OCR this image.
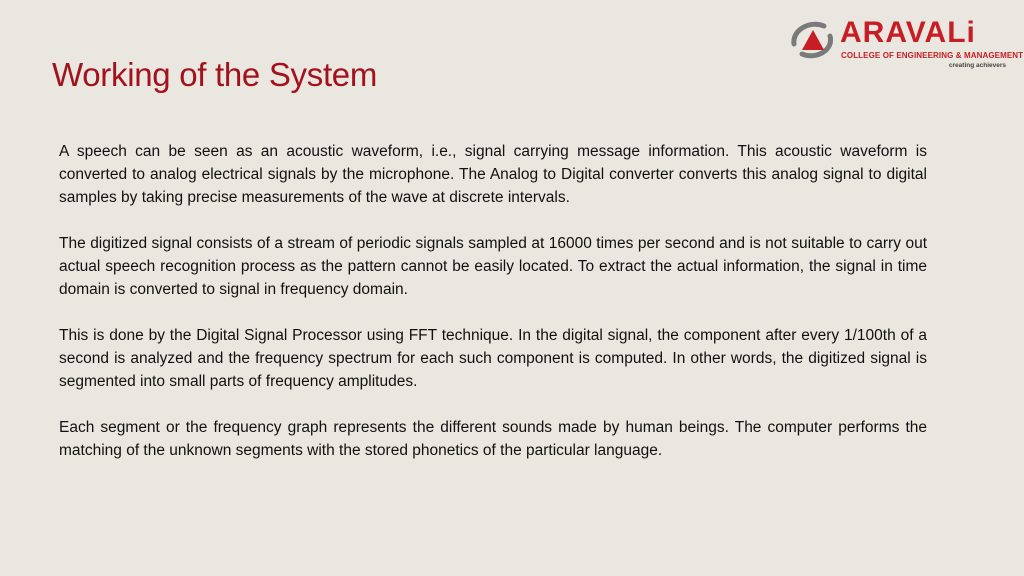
Working of the System
ARAVALi
COLLEGE OF ENGINEERING & MANAGEMENT
creating achievers

A speech can be seen as an acoustic waveform, i.e., signal carrying message information. This acoustic waveform is converted to analog electrical signals by the microphone. The Analog to Digital converter converts this analog signal to digital samples by taking precise measurements of the wave at discrete intervals.

The digitized signal consists of a stream of periodic signals sampled at 16000 times per second and is not suitable to carry out actual speech recognition process as the pattern cannot be easily located. To extract the actual information, the signal in time domain is converted to signal in frequency domain.

This is done by the Digital Signal Processor using FFT technique. In the digital signal, the component after every 1/100th of a second is analyzed and the frequency spectrum for each such component is computed. In other words, the digitized signal is segmented into small parts of frequency amplitudes.

Each segment or the frequency graph represents the different sounds made by human beings. The computer performs the matching of the unknown segments with the stored phonetics of the particular language.
